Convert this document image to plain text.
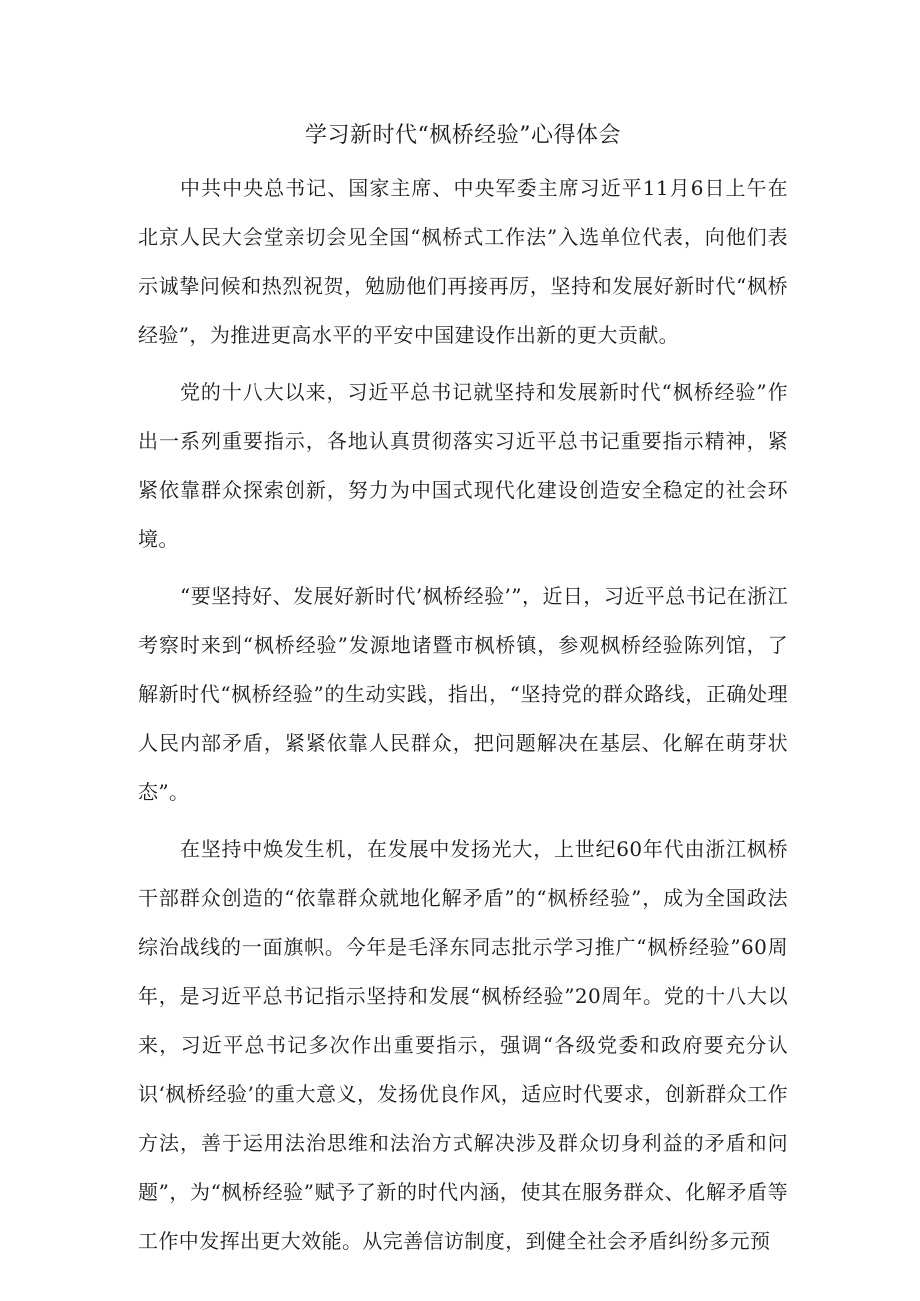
学习新时代“枫桥经验”心得体会

中共中央总书记、国家主席、中央军委主席习近平11月6日上午在北京人民大会堂亲切会见全国“枫桥式工作法”入选单位代表，向他们表示诚挚问候和热烈祝贺，勉励他们再接再厉，坚持和发展好新时代“枫桥经验”，为推进更高水平的平安中国建设作出新的更大贡献。

党的十八大以来，习近平总书记就坚持和发展新时代“枫桥经验”作出一系列重要指示，各地认真贯彻落实习近平总书记重要指示精神，紧紧依靠群众探索创新，努力为中国式现代化建设创造安全稳定的社会环境。

“要坚持好、发展好新时代’枫桥经验’”，近日，习近平总书记在浙江考察时来到“枫桥经验”发源地诸暨市枫桥镇，参观枫桥经验陈列馆，了解新时代“枫桥经验”的生动实践，指出，“坚持党的群众路线，正确处理人民内部矛盾，紧紧依靠人民群众，把问题解决在基层、化解在萌芽状态”。

在坚持中焕发生机，在发展中发扬光大，上世纪60年代由浙江枫桥干部群众创造的“依靠群众就地化解矛盾”的“枫桥经验”，成为全国政法综治战线的一面旗帜。今年是毛泽东同志批示学习推广“枫桥经验”60周年，是习近平总书记指示坚持和发展“枫桥经验”20周年。党的十八大以来，习近平总书记多次作出重要指示，强调“各级党委和政府要充分认识‘枫桥经验’的重大意义，发扬优良作风，适应时代要求，创新群众工作方法，善于运用法治思维和法治方式解决涉及群众切身利益的矛盾和问题”，为“枫桥经验”赋予了新的时代内涵，使其在服务群众、化解矛盾等工作中发挥出更大效能。从完善信访制度，到健全社会矛盾纠纷多元预
